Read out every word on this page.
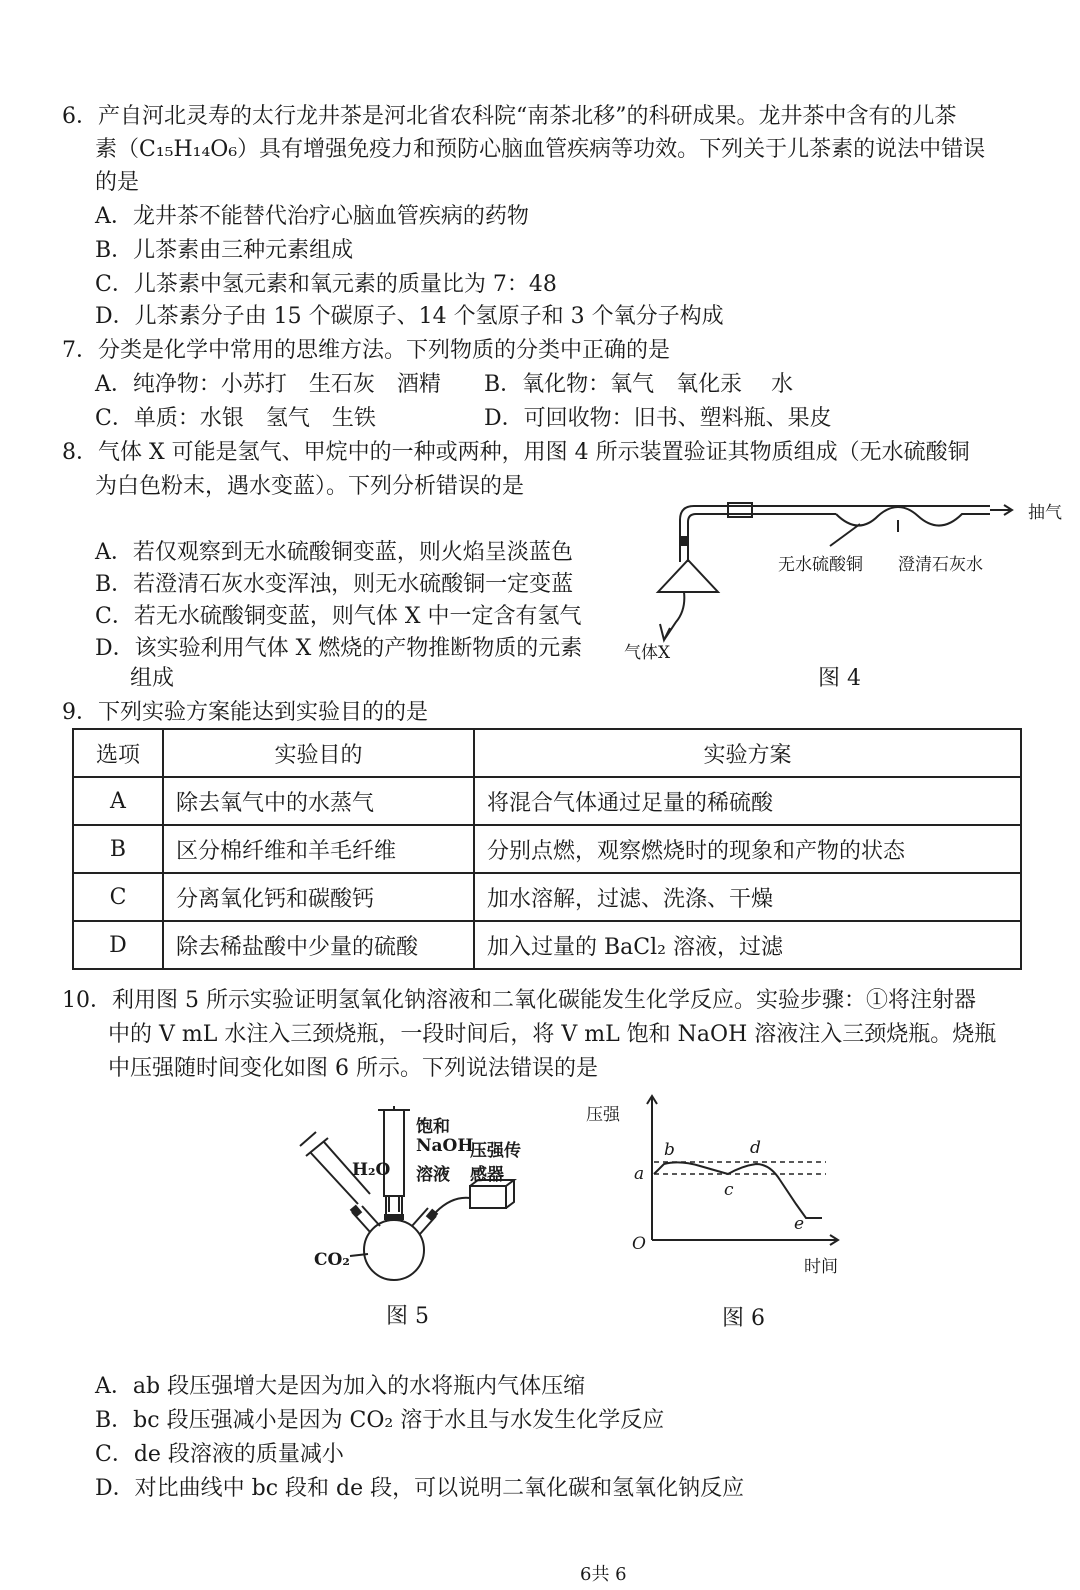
6．产自河北灵寿的太行龙井茶是河北省农科院“南茶北移”的科研成果。龙井茶中含有的儿茶
素（C₁₅H₁₄O₆）具有增强免疫力和预防心脑血管疾病等功效。下列关于儿茶素的说法中错误
的是
A．龙井茶不能替代治疗心脑血管疾病的药物
B．儿茶素由三种元素组成
C．儿茶素中氢元素和氧元素的质量比为 7：48
D．儿茶素分子由 15 个碳原子、14 个氢原子和 3 个氧分子构成
7．分类是化学中常用的思维方法。下列物质的分类中正确的是
A．纯净物：小苏打　生石灰　酒精 B．氧化物：氧气　氧化汞　 水
C．单质：水银　氢气　生铁	D．可回收物：旧书、塑料瓶、果皮
8．气体 X 可能是氢气、甲烷中的一种或两种，用图 4 所示装置验证其物质组成（无水硫酸铜
为白色粉末，遇水变蓝）。下列分析错误的是
A．若仅观察到无水硫酸铜变蓝，则火焰呈淡蓝色
B．若澄清石灰水变浑浊，则无水硫酸铜一定变蓝
C．若无水硫酸铜变蓝，则气体 X 中一定含有氢气
D．该实验利用气体 X 燃烧的产物推断物质的元素
组成
抽气
无水硫酸铜 澄清石灰水
气体X
图 4
9．下列实验方案能达到实验目的的是
选项	实验目的	实验方案
A	除去氧气中的水蒸气	将混合气体通过足量的稀硫酸
B	区分棉纤维和羊毛纤维	分别点燃，观察燃烧时的现象和产物的状态
C	分离氧化钙和碳酸钙	加水溶解，过滤、洗涤、干燥
D	除去稀盐酸中少量的硫酸	加入过量的 BaCl₂ 溶液，过滤
10．利用图 5 所示实验证明氢氧化钠溶液和二氧化碳能发生化学反应。实验步骤：①将注射器
中的 V mL 水注入三颈烧瓶，一段时间后，将 V mL 饱和 NaOH 溶液注入三颈烧瓶。烧瓶
中压强随时间变化如图 6 所示。下列说法错误的是
饱和
NaOH
压强传
溶液 感器
H₂O
CO₂
图 5
压强
时间
O
a
b
c
d
e
图 6
A．ab 段压强增大是因为加入的水将瓶内气体压缩
B．bc 段压强减小是因为 CO₂ 溶于水且与水发生化学反应
C．de 段溶液的质量减小
D．对比曲线中 bc 段和 de 段，可以说明二氧化碳和氢氧化钠反应
6共 6
